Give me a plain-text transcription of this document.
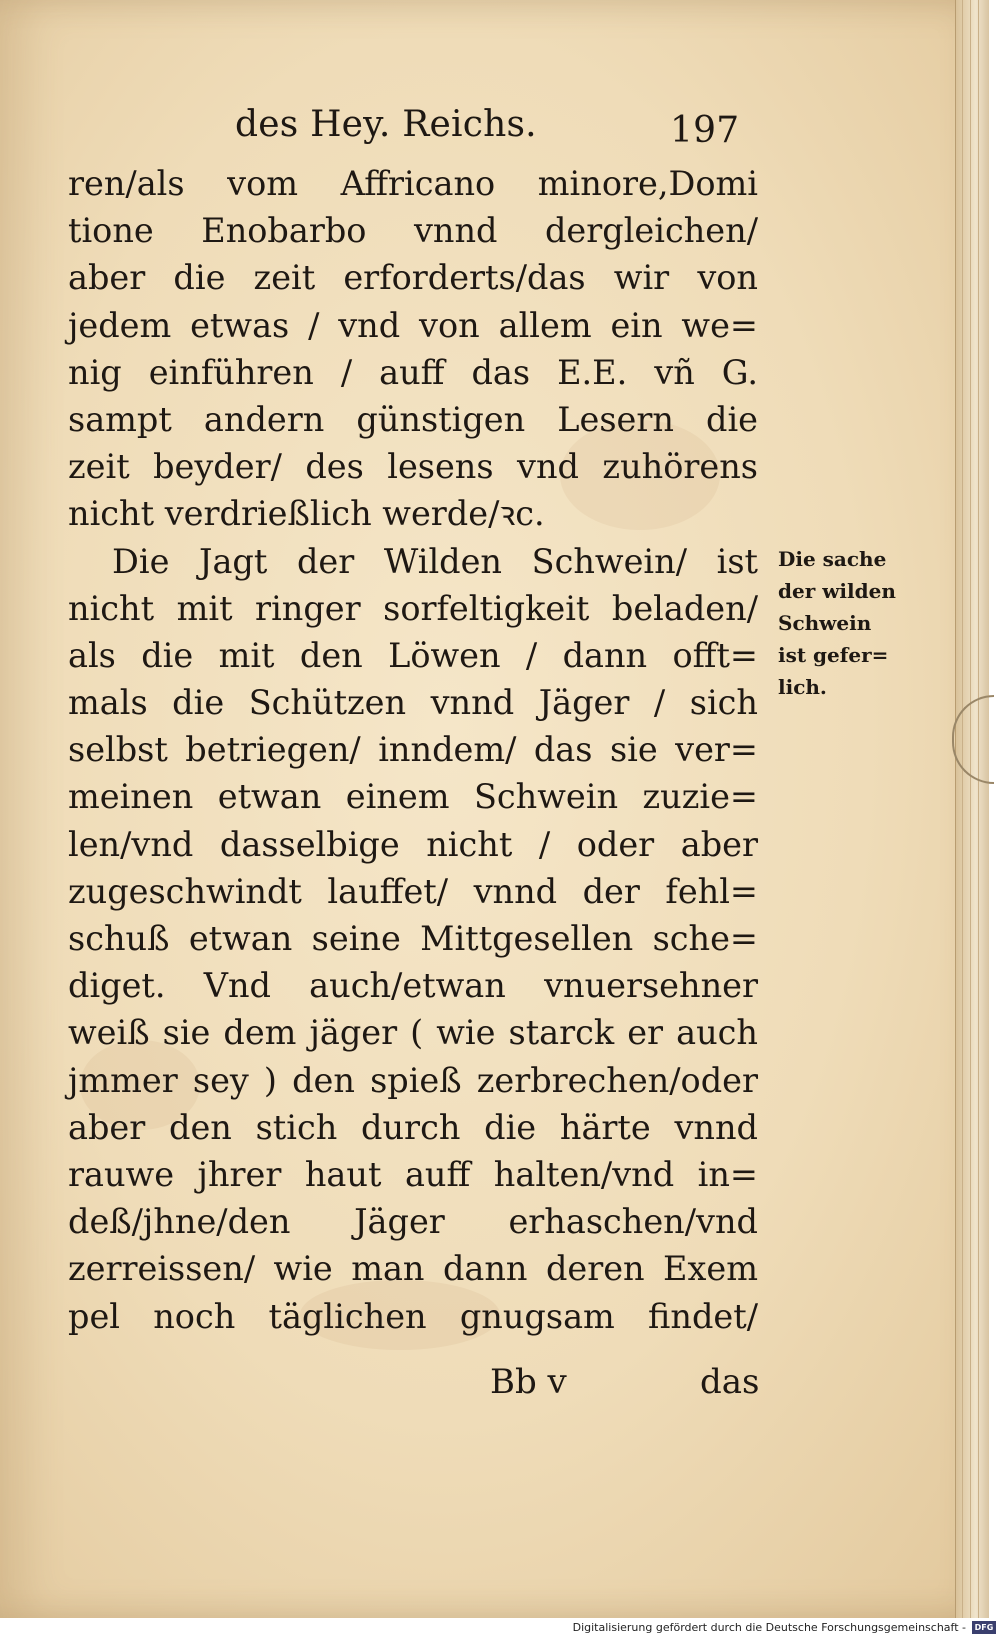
des Hey. Reichs.	197
ren/als vom Affricano minore,Domi
tione Enobarbo vnnd dergleichen/
aber die zeit erforderts/das wir von
jedem etwas / vnd von allem ein we=
nig einführen / auff das E.E. vñ G.
sampt andern günstigen Lesern die
zeit beyder/ des lesens vnd zuhörens
nicht verdrießlich werde/ꝛc.
Die Jagt der Wilden Schwein/ ist
nicht mit ringer sorfeltigkeit beladen/
als die mit den Löwen / dann offt=
mals die Schützen vnnd Jäger / sich
selbst betriegen/ inndem/ das sie ver=
meinen etwan einem Schwein zuzie=
len/vnd dasselbige nicht / oder aber
zugeschwindt lauffet/ vnnd der fehl=
schuß etwan seine Mittgesellen sche=
diget. Vnd auch/etwan vnuersehner
weiß sie dem jäger ( wie starck er auch
jmmer sey ) den spieß zerbrechen/oder
aber den stich durch die härte vnnd
rauwe jhrer haut auff halten/vnd in=
deß/jhne/den Jäger erhaschen/vnd
zerreissen/ wie man dann deren Exem
pel noch täglichen gnugsam findet/
Die sache
der wilden
Schwein
ist gefer=
lich.
Bb v	das
Digitalisierung gefördert durch die Deutsche Forschungsgemeinschaft -	DFG
